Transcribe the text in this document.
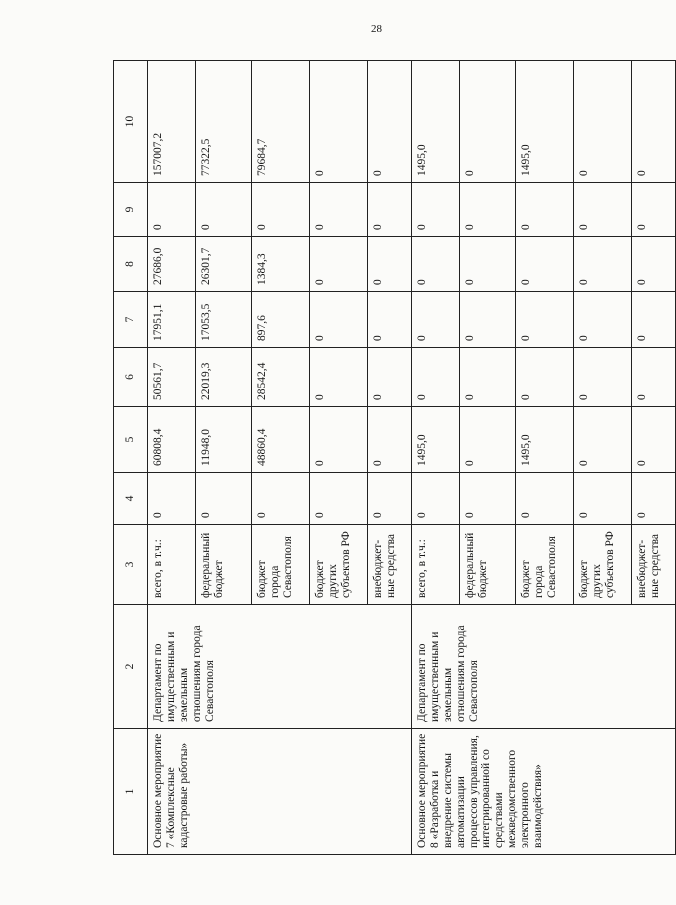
28
1	2	3	4	5	6	7	8	9	10
Основное мероприятие 7 «Комплексные кадастровые работы»	Департамент по имущественным и земельным отношениям города Севастополя	всего, в т.ч.:	0	60808,4	50561,7	17951,1	27686,0	0	157007,2
		федеральный бюджет	0	11948,0	22019,3	17053,5	26301,7	0	77322,5
		бюджет города Севастополя	0	48860,4	28542,4	897,6	1384,3	0	79684,7
		бюджет других субъектов РФ	0	0	0	0	0	0	0
		внебюджет-ные средства	0	0	0	0	0	0	0
Основное мероприятие 8 «Разработка и внедрение системы автоматизации процессов управления, интегрированной со средствами межведомственного электронного взаимодействия»	Департамент по имущественным и земельным отношениям города Севастополя	всего, в т.ч.:	0	1495,0	0	0	0	0	1495,0
		федеральный бюджет	0	0	0	0	0	0	0
		бюджет города Севастополя	0	1495,0	0	0	0	0	1495,0
		бюджет других субъектов РФ	0	0	0	0	0	0	0
		внебюджет-ные средства	0	0	0	0	0	0	0
